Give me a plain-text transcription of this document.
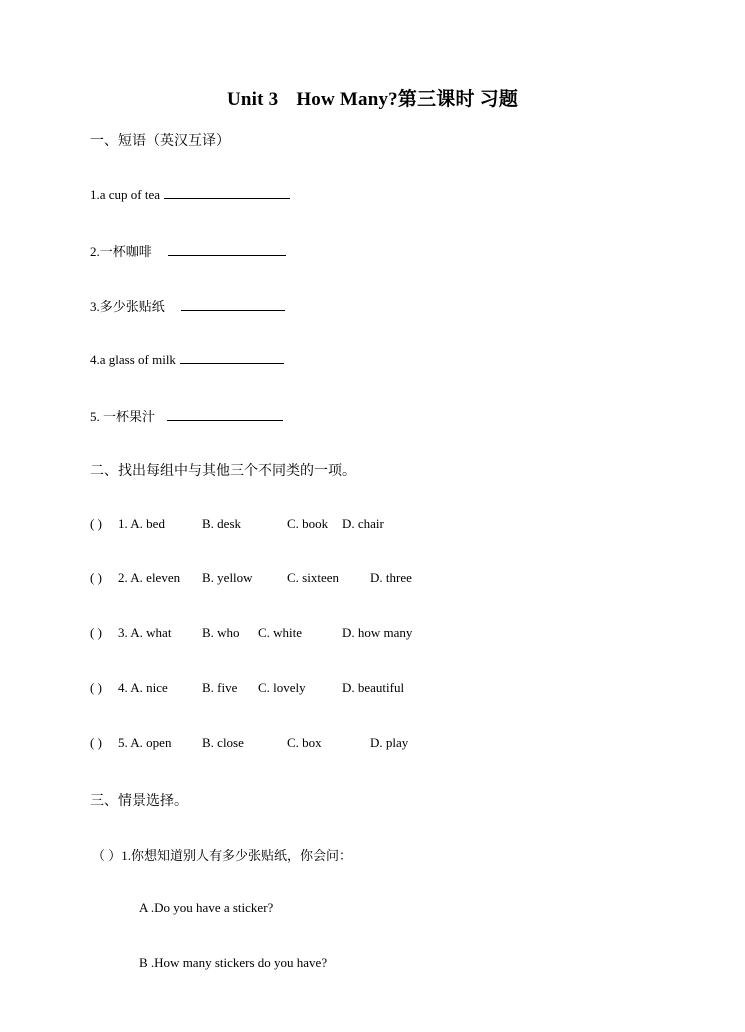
Unit 3 How Many?第三课时 习题
一、短语（英汉互译）
1.a cup of tea
2.一杯咖啡
3.多少张贴纸
4.a glass of milk
5. 一杯果汁
二、找出每组中与其他三个不同类的一项。
( ) 1. A. bed	B. desk	C. book D. chair
( ) 2. A. eleven B. yellow	C. sixteen D. three
( ) 3. A. what B. who C. white	D. how many
( ) 4. A. nice	B. five C. lovely	D. beautiful
( ) 5. A. open B. close	C. box	D. play
三、情景选择。
（ ）1.你想知道别人有多少张贴纸，你会问：
A .Do you have a sticker?
B .How many stickers do you have?
